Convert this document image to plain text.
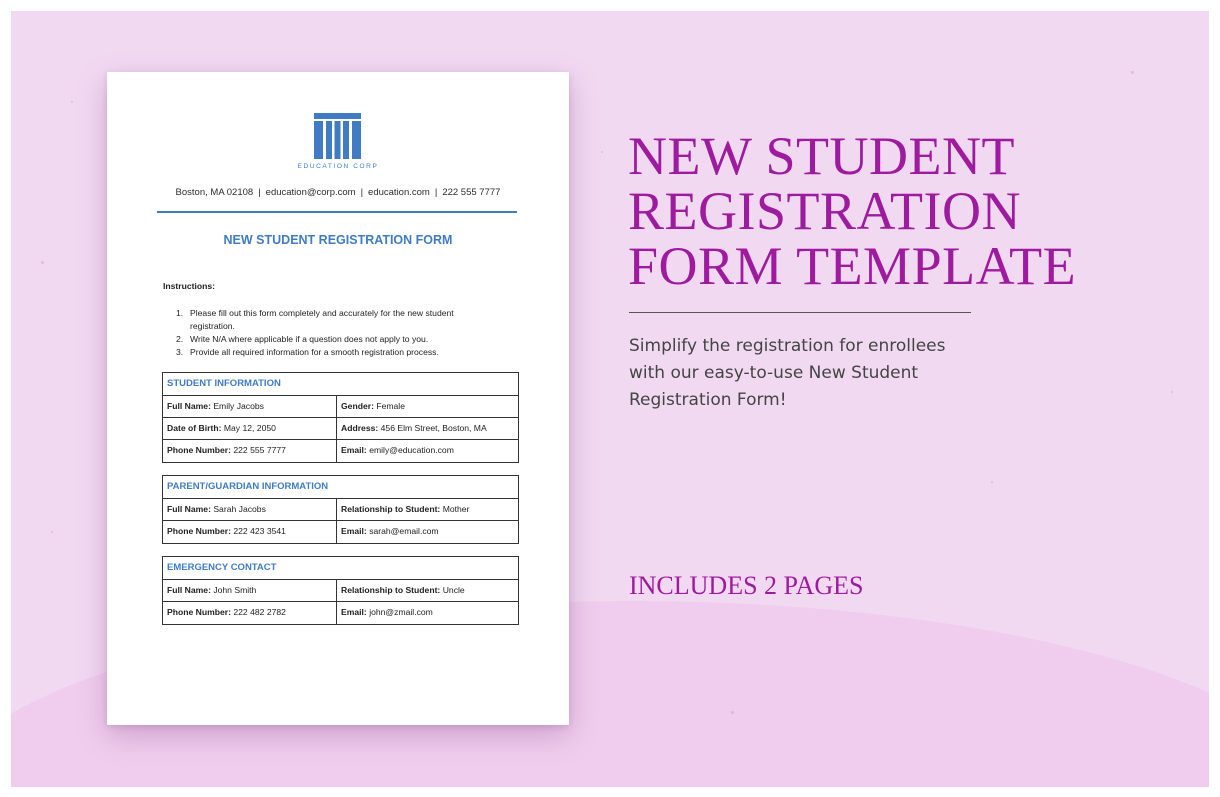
EDUCATION CORP
Boston, MA 02108 | education@corp.com | education.com | 222 555 7777
NEW STUDENT REGISTRATION FORM
Instructions:
1. Please fill out this form completely and accurately for the new student
registration.
2. Write N/A where applicable if a question does not apply to you.
3. Provide all required information for a smooth registration process.
STUDENT INFORMATION
Full Name: Emily Jacobs	Gender: Female
Date of Birth: May 12, 2050	Address: 456 Elm Street, Boston, MA
Phone Number: 222 555 7777	Email: emily@education.com
PARENT/GUARDIAN INFORMATION
Full Name: Sarah Jacobs	Relationship to Student: Mother
Phone Number: 222 423 3541	Email: sarah@email.com
EMERGENCY CONTACT
Full Name: John Smith	Relationship to Student: Uncle
Phone Number: 222 482 2782	Email: john@zmail.com
NEW STUDENT
REGISTRATION
FORM TEMPLATE
Simplify the registration for enrollees
with our easy-to-use New Student
Registration Form!
INCLUDES 2 PAGES
